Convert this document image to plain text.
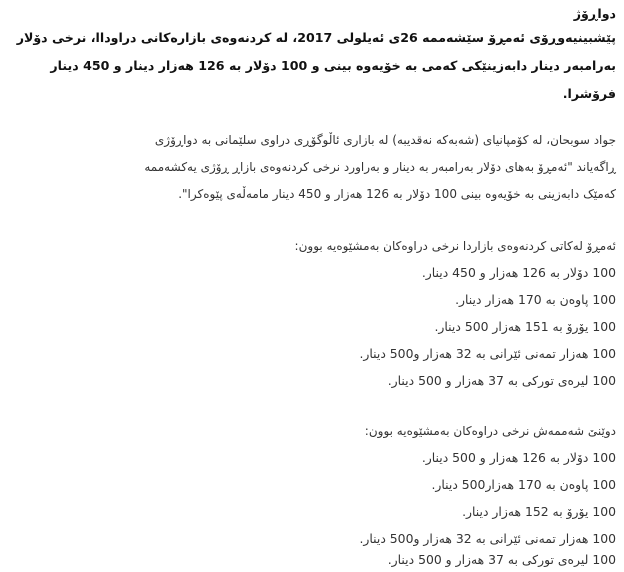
دواڕۆژ
پێشبینیەوڕۆی ئەمڕۆ سێشەممە 26ی ئەیلولی 2017، لە کردنەوەی بازارەکانی دراوداا، نرخی دۆلار
بەرامبەر دینار دابەزینێکی کەمی بە خۆیەوە بینی و 100 دۆلار بە 126 هەزار دینار و 450 دینار
فرۆشرا.
جواد سوبحان، لە کۆمپانیای (شەبەکە نەقدیبە) لە بازاری ئاڵوگۆڕی دراوی سلێمانی بە دواڕۆژی
ڕاگەیاند "ئەمڕۆ بەهای دۆلار بەرامبەر بە دینار و بەراورد نرخی کردنەوەی بازاڕ ڕۆژی یەکشەممە
کەمێک دابەزینی بە خۆیەوە بینی 100 دۆلار بە 126 هەزار و 450 دینار مامەڵەی پێوەکرا".
ئەمڕۆ لەکاتی کردنەوەی بازاردا نرخی دراوەکان بەمشێوەیە بوون:
100 دۆلار بە 126 هەزار و 450 دینار.
100 پاوەن بە 170 هەزار دینار.
100 یۆرۆ بە 151 هەزار 500 دینار.
100 هەزار تمەنی ئێرانی بە 32 هەزار و500 دینار.
100 لیرەی تورکی بە 37 هەزار و 500 دینار.
دوێنێ شەممەش نرخی دراوەکان بەمشێوەیە بوون:
100 دۆلار بە 126 هەزار و 500 دینار.
100 پاوەن بە 170 هەزار500 دینار.
100 یۆرۆ بە 152 هەزار دینار.
100 هەزار تمەنی ئێرانی بە 32 هەزار و500 دینار.
100 لیرەی تورکی بە 37 هەزار و 500 دینار.
